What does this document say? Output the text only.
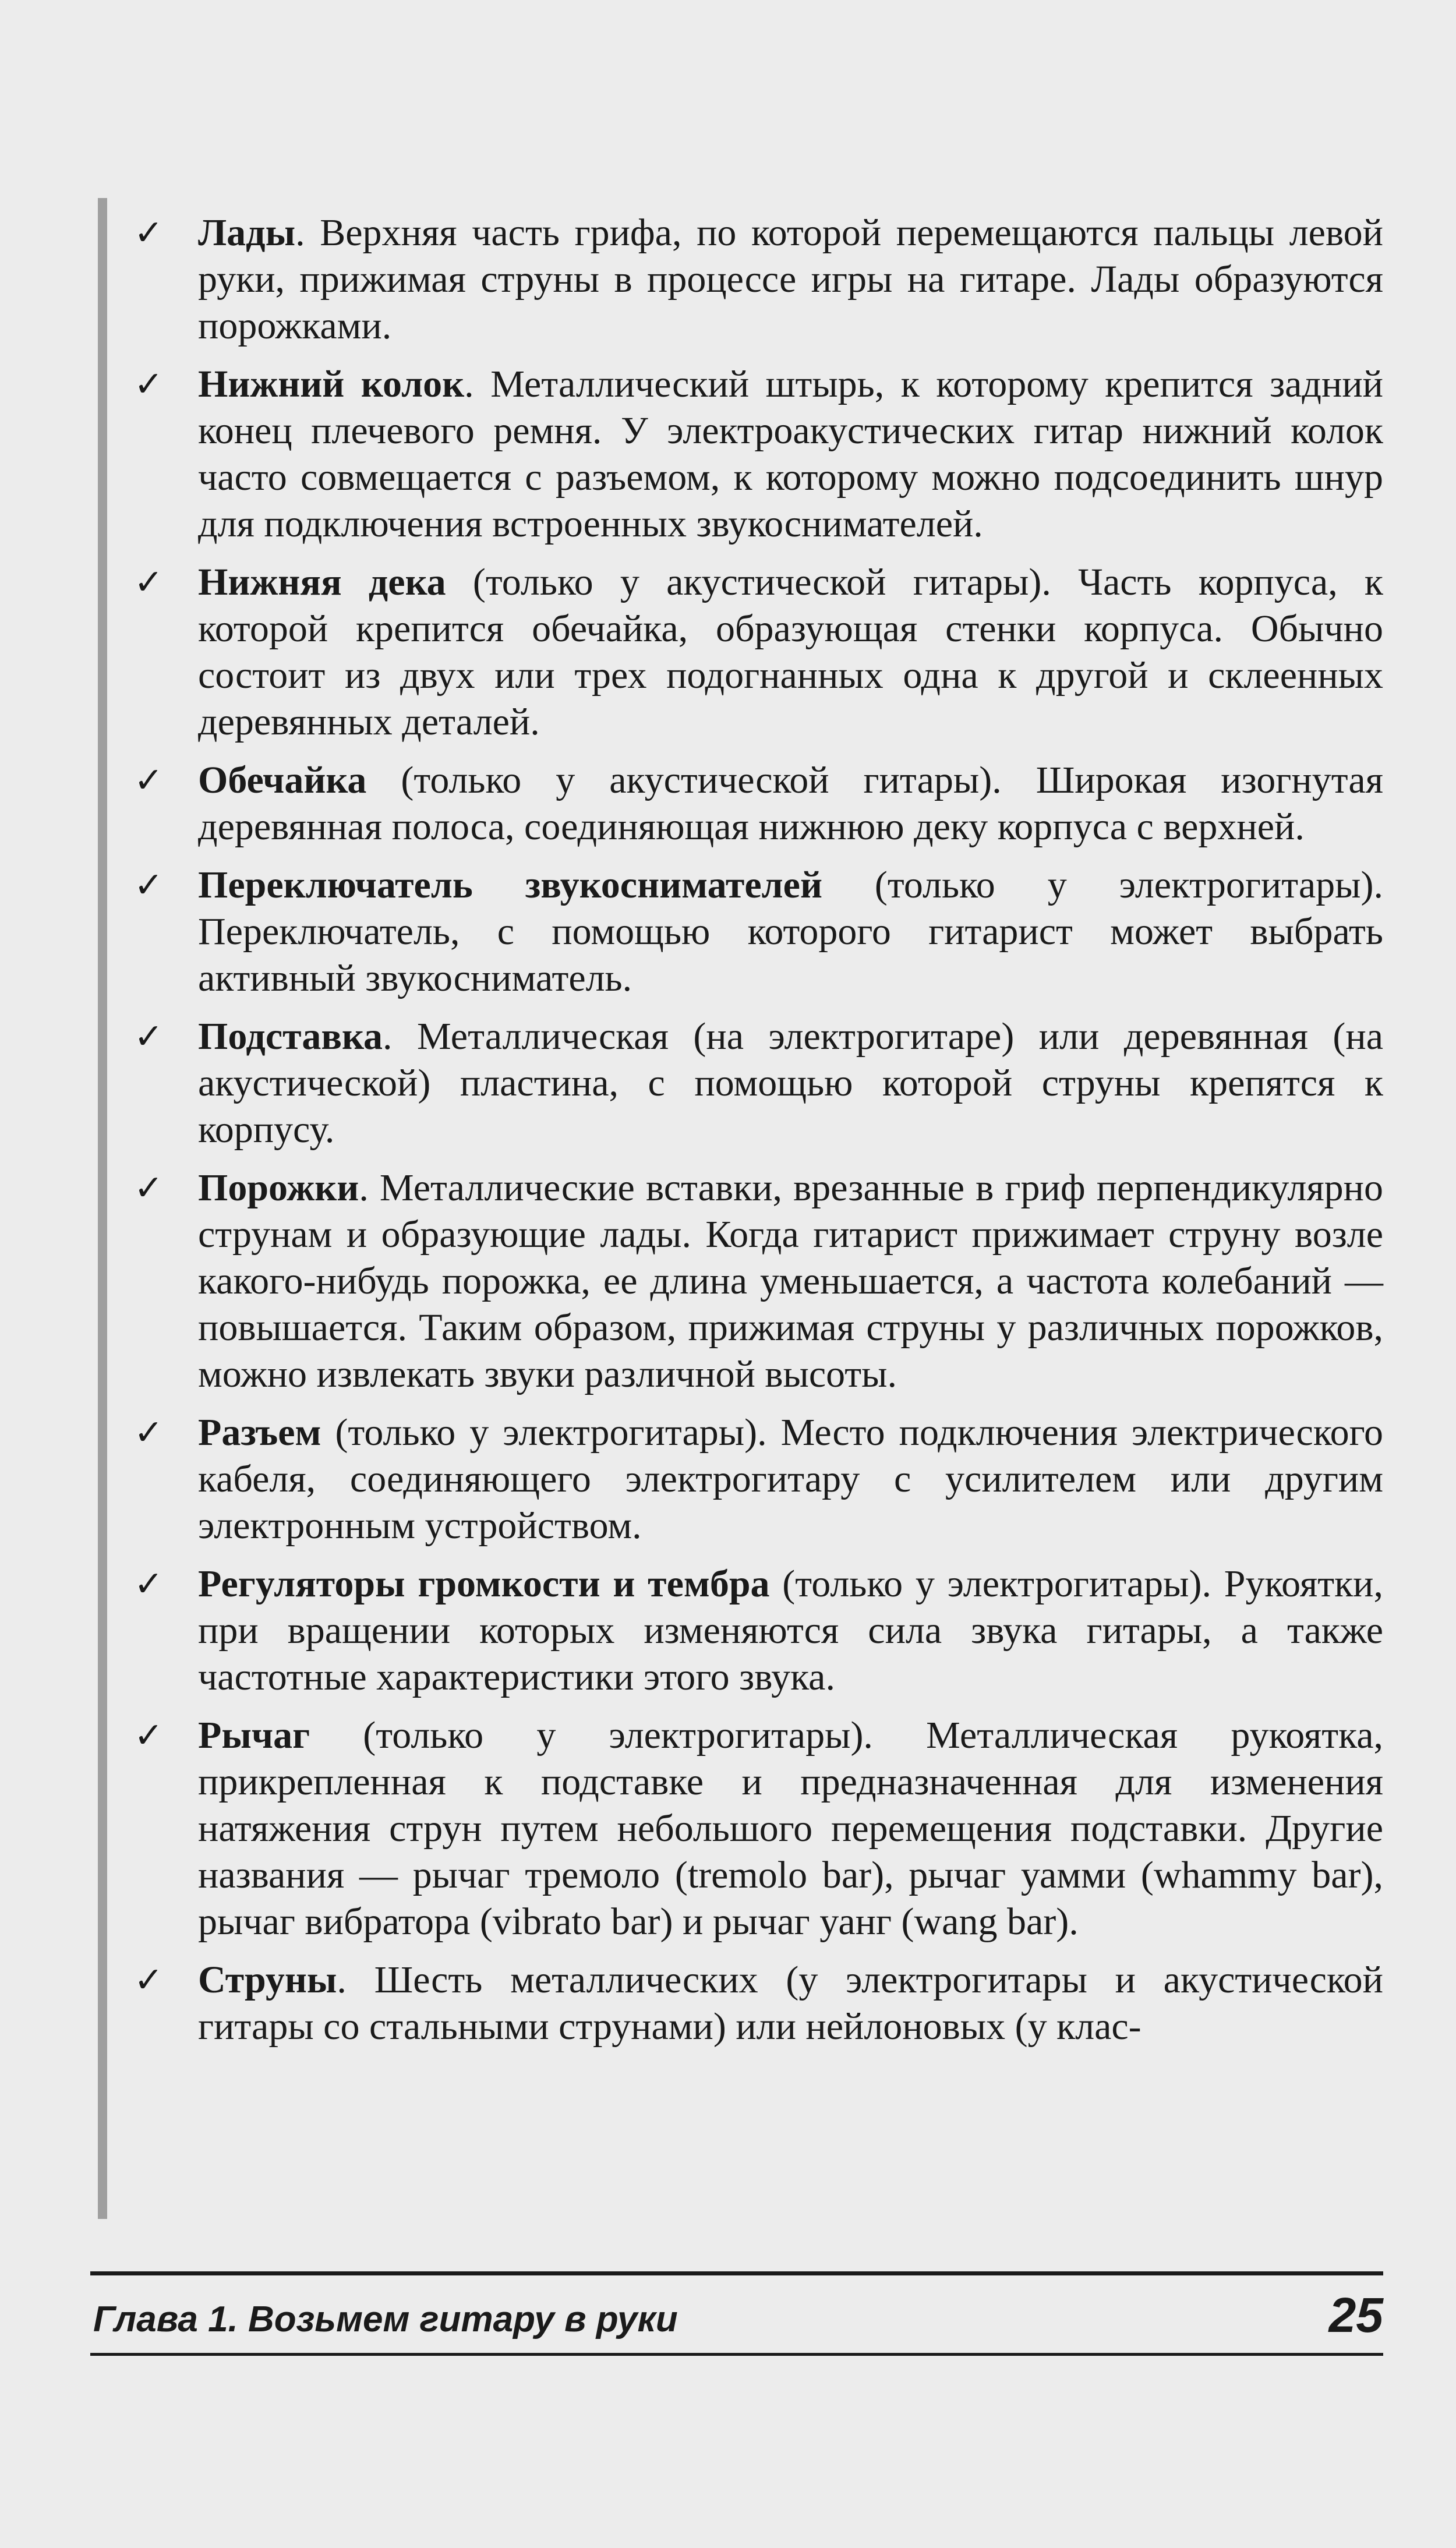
✓ Лады. Верхняя часть грифа, по которой перемещаются пальцы левой руки, прижимая струны в процессе игры на гитаре. Лады образуются порожками.
✓ Нижний колок. Металлический штырь, к которому крепится задний конец плечевого ремня. У электроакустических гитар нижний колок часто совмещается с разъемом, к которому можно подсоединить шнур для подключения встроенных звукоснимателей.
✓ Нижняя дека (только у акустической гитары). Часть корпуса, к которой крепится обечайка, образующая стенки корпуса. Обычно состоит из двух или трех подогнанных одна к другой и склеенных деревянных деталей.
✓ Обечайка (только у акустической гитары). Широкая изогнутая деревянная полоса, соединяющая нижнюю деку корпуса с верхней.
✓ Переключатель звукоснимателей (только у электрогитары). Переключатель, с помощью которого гитарист может выбрать активный звукосниматель.
✓ Подставка. Металлическая (на электрогитаре) или деревянная (на акустической) пластина, с помощью которой струны крепятся к корпусу.
✓ Порожки. Металлические вставки, врезанные в гриф перпендикулярно струнам и образующие лады. Когда гитарист прижимает струну возле какого-нибудь порожка, ее длина уменьшается, а частота колебаний — повышается. Таким образом, прижимая струны у различных порожков, можно извлекать звуки различной высоты.
✓ Разъем (только у электрогитары). Место подключения электрического кабеля, соединяющего электрогитару с усилителем или другим электронным устройством.
✓ Регуляторы громкости и тембра (только у электрогитары). Рукоятки, при вращении которых изменяются сила звука гитары, а также частотные характеристики этого звука.
✓ Рычаг (только у электрогитары). Металлическая рукоятка, прикрепленная к подставке и предназначенная для изменения натяжения струн путем небольшого перемещения подставки. Другие названия — рычаг тремоло (tremolo bar), рычаг уамми (whammy bar), рычаг вибратора (vibrato bar) и рычаг уанг (wang bar).
✓ Струны. Шесть металлических (у электрогитары и акустической гитары со стальными струнами) или нейлоновых (у клас-
Глава 1. Возьмем гитару в руки	25
